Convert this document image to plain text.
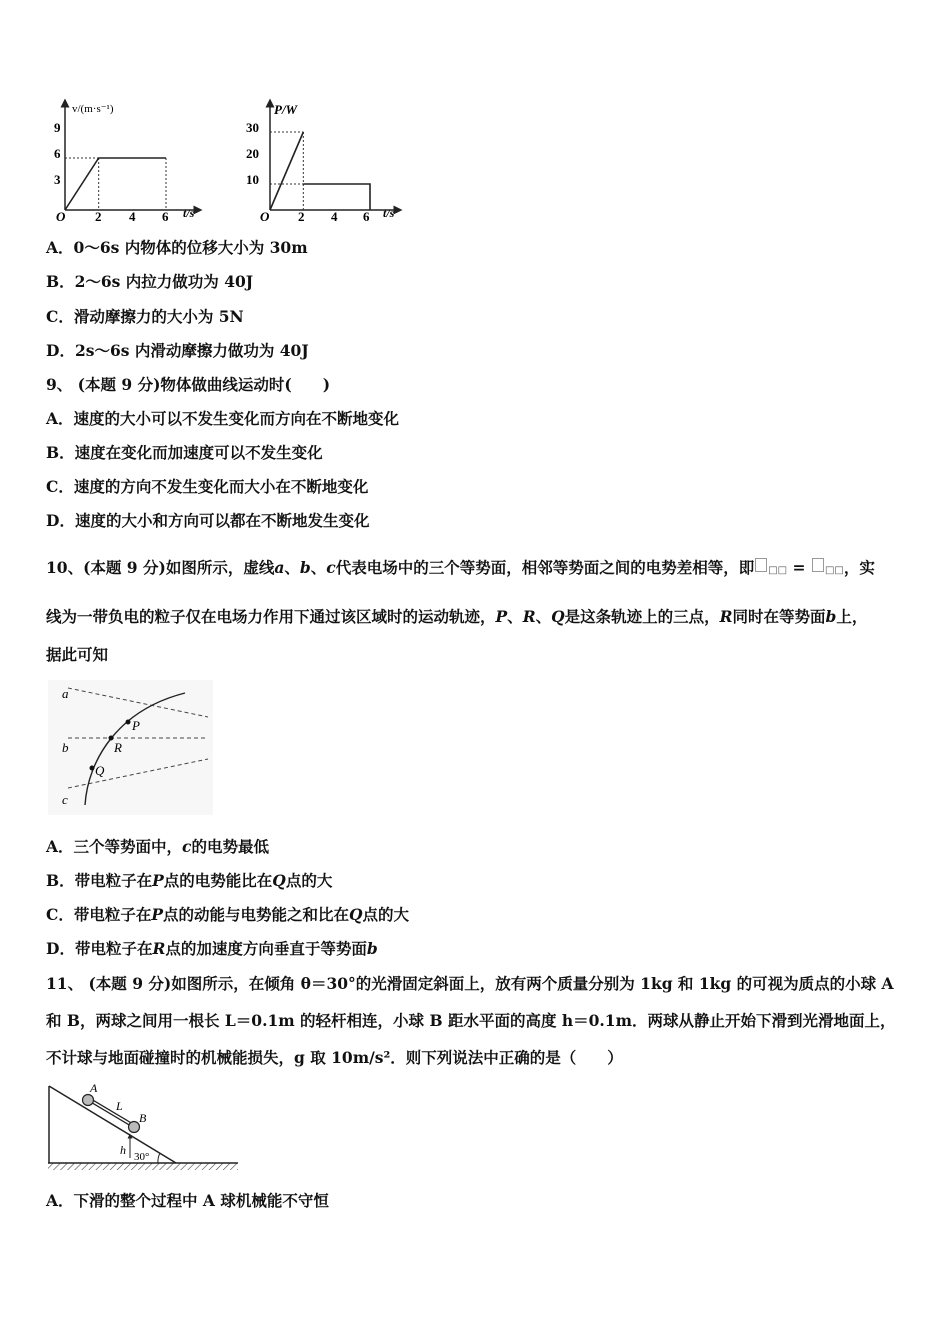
v/(m·s⁻¹)
t/s
O
3
6
9
2 4 6
P/W
t/s
O
10
20
30
2 4 6
A．0～6s 内物体的位移大小为 30m
B．2～6s 内拉力做功为 40J
C．滑动摩擦力的大小为 5N
D．2s～6s 内滑动摩擦力做功为 40J
9、 (本题 9 分)物体做曲线运动时(　　)
A．速度的大小可以不发生变化而方向在不断地变化
B．速度在变化而加速度可以不发生变化
C．速度的方向不发生变化而大小在不断地变化
D．速度的大小和方向可以都在不断地发生变化
10、(本题 9 分)如图所示，虚线a、b、c代表电场中的三个等势面，相邻等势面之间的电势差相等，即 □□ = □□，实
线为一带负电的粒子仅在电场力作用下通过该区域时的运动轨迹，P、R、Q是这条轨迹上的三点，R同时在等势面b上，
据此可知
a
b
c
P
R
Q
A．三个等势面中，c的电势最低
B．带电粒子在P点的电势能比在Q点的大
C．带电粒子在P点的动能与电势能之和比在Q点的大
D．带电粒子在R点的加速度方向垂直于等势面b
11、 (本题 9 分)如图所示，在倾角 θ＝30°的光滑固定斜面上，放有两个质量分别为 1kg 和 1kg 的可视为质点的小球 A
和 B，两球之间用一根长 L＝0.1m 的轻杆相连，小球 B 距水平面的高度 h＝0.1m．两球从静止开始下滑到光滑地面上，
不计球与地面碰撞时的机械能损失，g 取 10m/s²．则下列说法中正确的是（　　）
A
B
L
h 30°
A．下滑的整个过程中 A 球机械能不守恒
